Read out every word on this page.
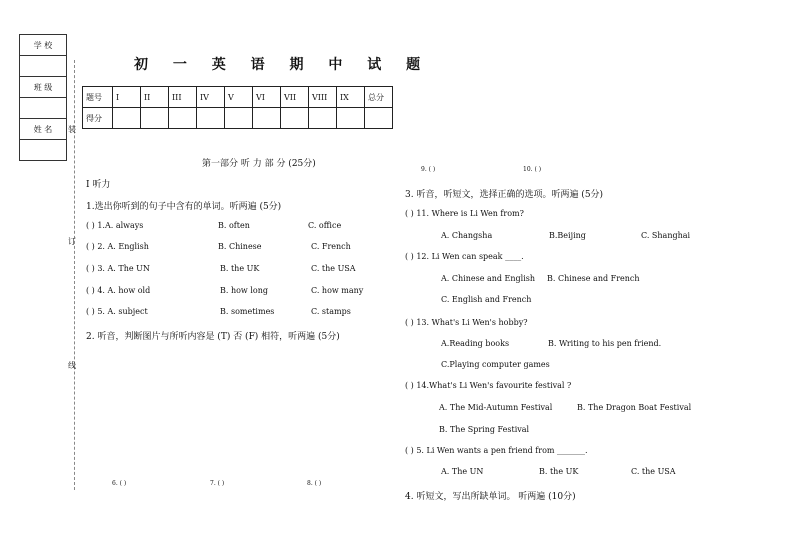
学 校

班 级

姓 名 装
订
线
初 一 英 语 期 中 试 题
题号	I	II	III	IV	V	VI	VII	VIII	IX	总分
得分										
第一部分 听 力 部 分 (25分)
I 听力
1.选出你听到的句子中含有的单词。听两遍 (5分)
( ) 1.A. always	B. often	C. office
( ) 2. A. English	B. Chinese	C. French
( ) 3. A. The UN	B. the UK	C. the USA
( ) 4. A. how old	B. how long	C. how many
( ) 5. A. subject	B. sometimes	C. stamps
2. 听音，判断图片与所听内容是 (T) 否 (F) 相符，听两遍 (5分)
6. ( )	7. ( )	8. ( )
9. ( )	10. ( )
3. 听音，听短文，选择正确的选项。听两遍 (5分)
( ) 11. Where is Li Wen from?
A. Changsha	B.Beijing	C. Shanghai
( ) 12. Li Wen can speak ____.
A. Chinese and English B. Chinese and French
C. English and French
( ) 13. What's Li Wen's hobby?
A.Reading books	B. Writing to his pen friend.
C.Playing computer games
( ) 14.What's Li Wen's favourite festival ?
A. The Mid-Autumn Festival	B. The Dragon Boat Festival
B. The Spring Festival
( ) 5. Li Wen wants a pen friend from _______.
A. The UN	B. the UK	C. the USA
4. 听短文，写出所缺单词。 听两遍 (10分)
